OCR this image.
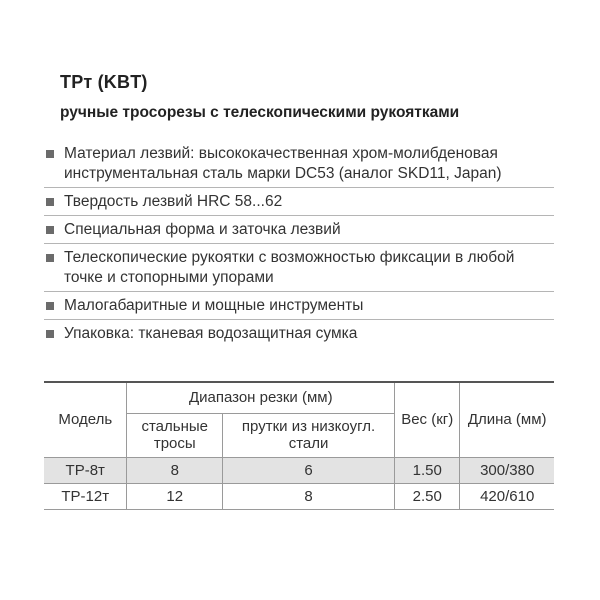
ТРт (KBT)
ручные тросорезы с телескопическими рукоятками
Материал лезвий: высококачественная хром-молибденовая инструментальная сталь марки DC53 (аналог SKD11, Japan)
Твердость лезвий HRC 58...62
Специальная форма и заточка лезвий
Телескопические рукоятки с возможностью фиксации в любой точке и стопорными упорами
Малогабаритные и мощные инструменты
Упаковка: тканевая водозащитная сумка
Модель	Диапазон резки (мм)		Вес (кг)	Длина (мм)
	стальные тросы	прутки из низкоугл. стали		
ТР-8т	8	6	1.50	300/380
ТР-12т	12	8	2.50	420/610
